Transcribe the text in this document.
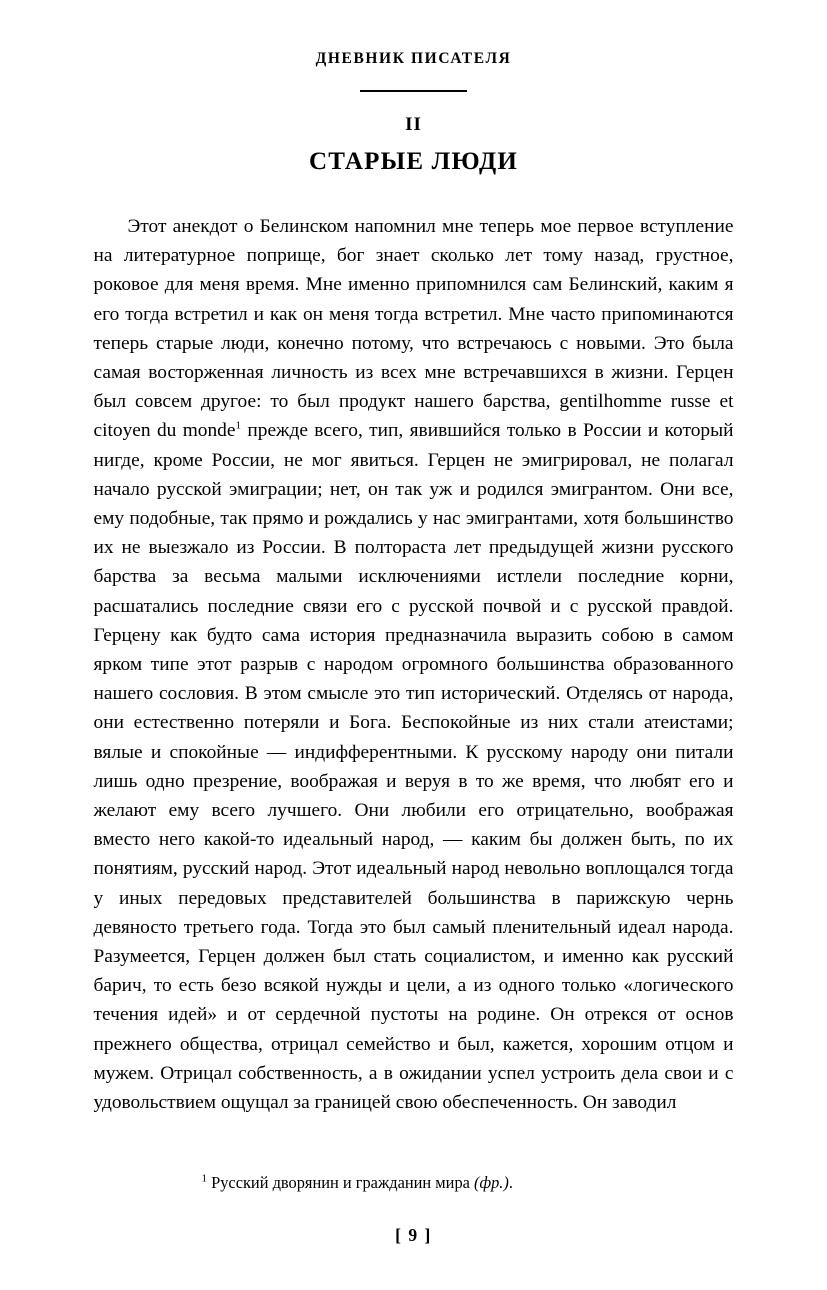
ДНЕВНИК ПИСАТЕЛЯ
II
СТАРЫЕ ЛЮДИ

Этот анекдот о Белинском напомнил мне теперь мое первое вступление на литературное поприще, бог знает сколько лет тому назад, грустное, роковое для меня время. Мне именно припомнился сам Белинский, каким я его тогда встретил и как он меня тогда встретил. Мне часто припоминаются теперь старые люди, конечно потому, что встречаюсь с новыми. Это была самая восторженная личность из всех мне встречавшихся в жизни. Герцен был совсем другое: то был продукт нашего барства, gentilhomme russe et citoyen du monde$^1$ прежде всего, тип, явившийся только в России и который нигде, кроме России, не мог явиться. Герцен не эмигрировал, не полагал начало русской эмиграции; нет, он так уж и родился эмигрантом. Они все, ему подобные, так прямо и рождались у нас эмигрантами, хотя большинство их не выезжало из России. В полтораста лет предыдущей жизни русского барства за весьма малыми исключениями истлели последние корни, расшатались последние связи его с русской почвой и с русской правдой. Герцену как будто сама история предназначила выразить собою в самом ярком типе этот разрыв с народом огромного большинства образованного нашего сословия. В этом смысле это тип исторический. Отделясь от народа, они естественно потеряли и Бога. Беспокойные из них стали атеистами; вялые и спокойные — индифферентными. К русскому народу они питали лишь одно презрение, воображая и веруя в то же время, что любят его и желают ему всего лучшего. Они любили его отрицательно, воображая вместо него какой-то идеальный народ, — каким бы должен быть, по их понятиям, русский народ. Этот идеальный народ невольно воплощался тогда у иных передовых представителей большинства в парижскую чернь девяносто третьего года. Тогда это был самый пленительный идеал народа. Разумеется, Герцен должен был стать социалистом, и именно как русский барич, то есть безо всякой нужды и цели, а из одного только «логического течения идей» и от сердечной пустоты на родине. Он отрекся от основ прежнего общества, отрицал семейство и был, кажется, хорошим отцом и мужем. Отрицал собственность, а в ожидании успел устроить дела свои и с удовольствием ощущал за границей свою обеспеченность. Он заводил

$^1$ Русский дворянин и гражданин мира (фр.).
[ 9 ]
